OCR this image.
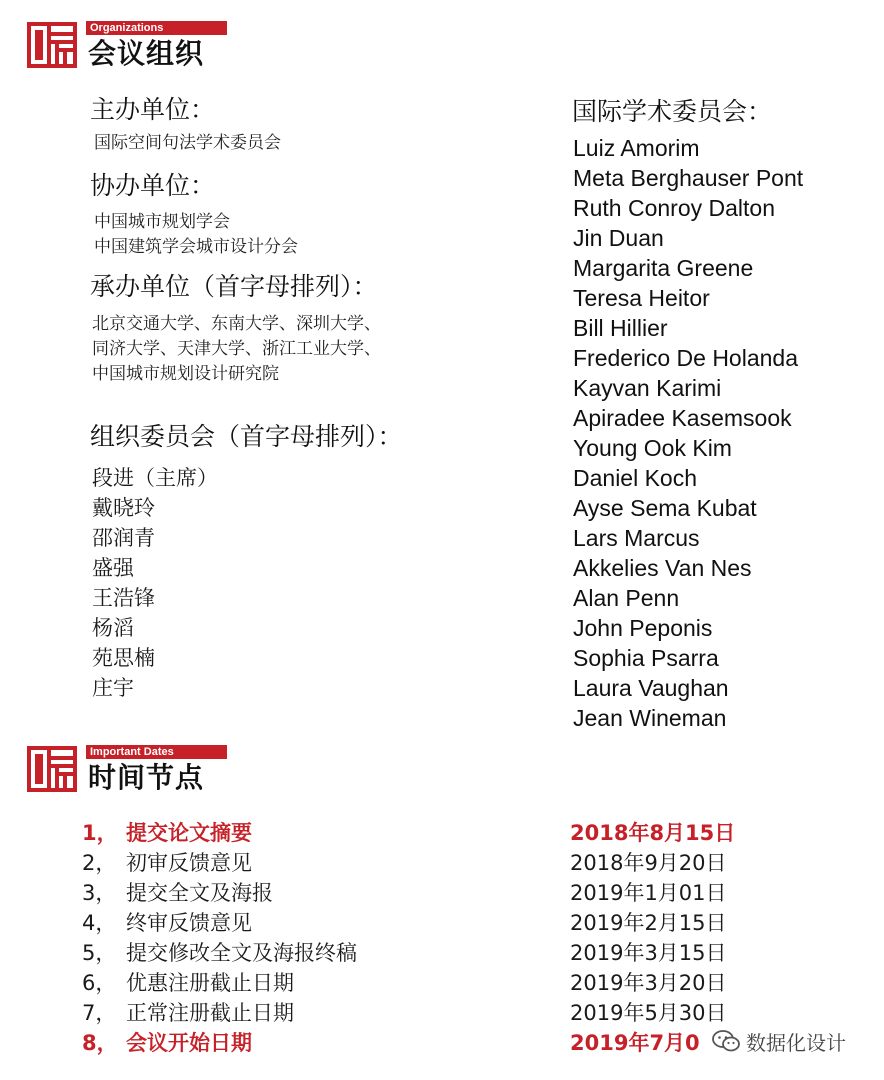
Organizations
会议组织
主办单位：
国际空间句法学术委员会
协办单位：
中国城市规划学会
中国建筑学会城市设计分会
承办单位（首字母排列）：
北京交通大学、东南大学、深圳大学、
同济大学、天津大学、浙江工业大学、
中国城市规划设计研究院
组织委员会（首字母排列）：
段进（主席）
戴晓玲
邵润青
盛强
王浩锋
杨滔
苑思楠
庄宇
国际学术委员会：
Luiz Amorim
Meta Berghauser Pont
Ruth Conroy Dalton
Jin Duan
Margarita Greene
Teresa Heitor
Bill Hillier
Frederico De Holanda
Kayvan Karimi
Apiradee Kasemsook
Young Ook Kim
Daniel Koch
Ayse Sema Kubat
Lars Marcus
Akkelies Van Nes
Alan Penn
John Peponis
Sophia Psarra
Laura Vaughan
Jean Wineman
Important Dates
时间节点
1， 提交论文摘要	2018年8月15日
2， 初审反馈意见	2018年9月20日
3， 提交全文及海报	2019年1月01日
4， 终审反馈意见	2019年2月15日
5， 提交修改全文及海报终稿	2019年3月15日
6， 优惠注册截止日期	2019年3月20日
7， 正常注册截止日期	2019年5月30日
8， 会议开始日期	2019年7月0 数据化设计
